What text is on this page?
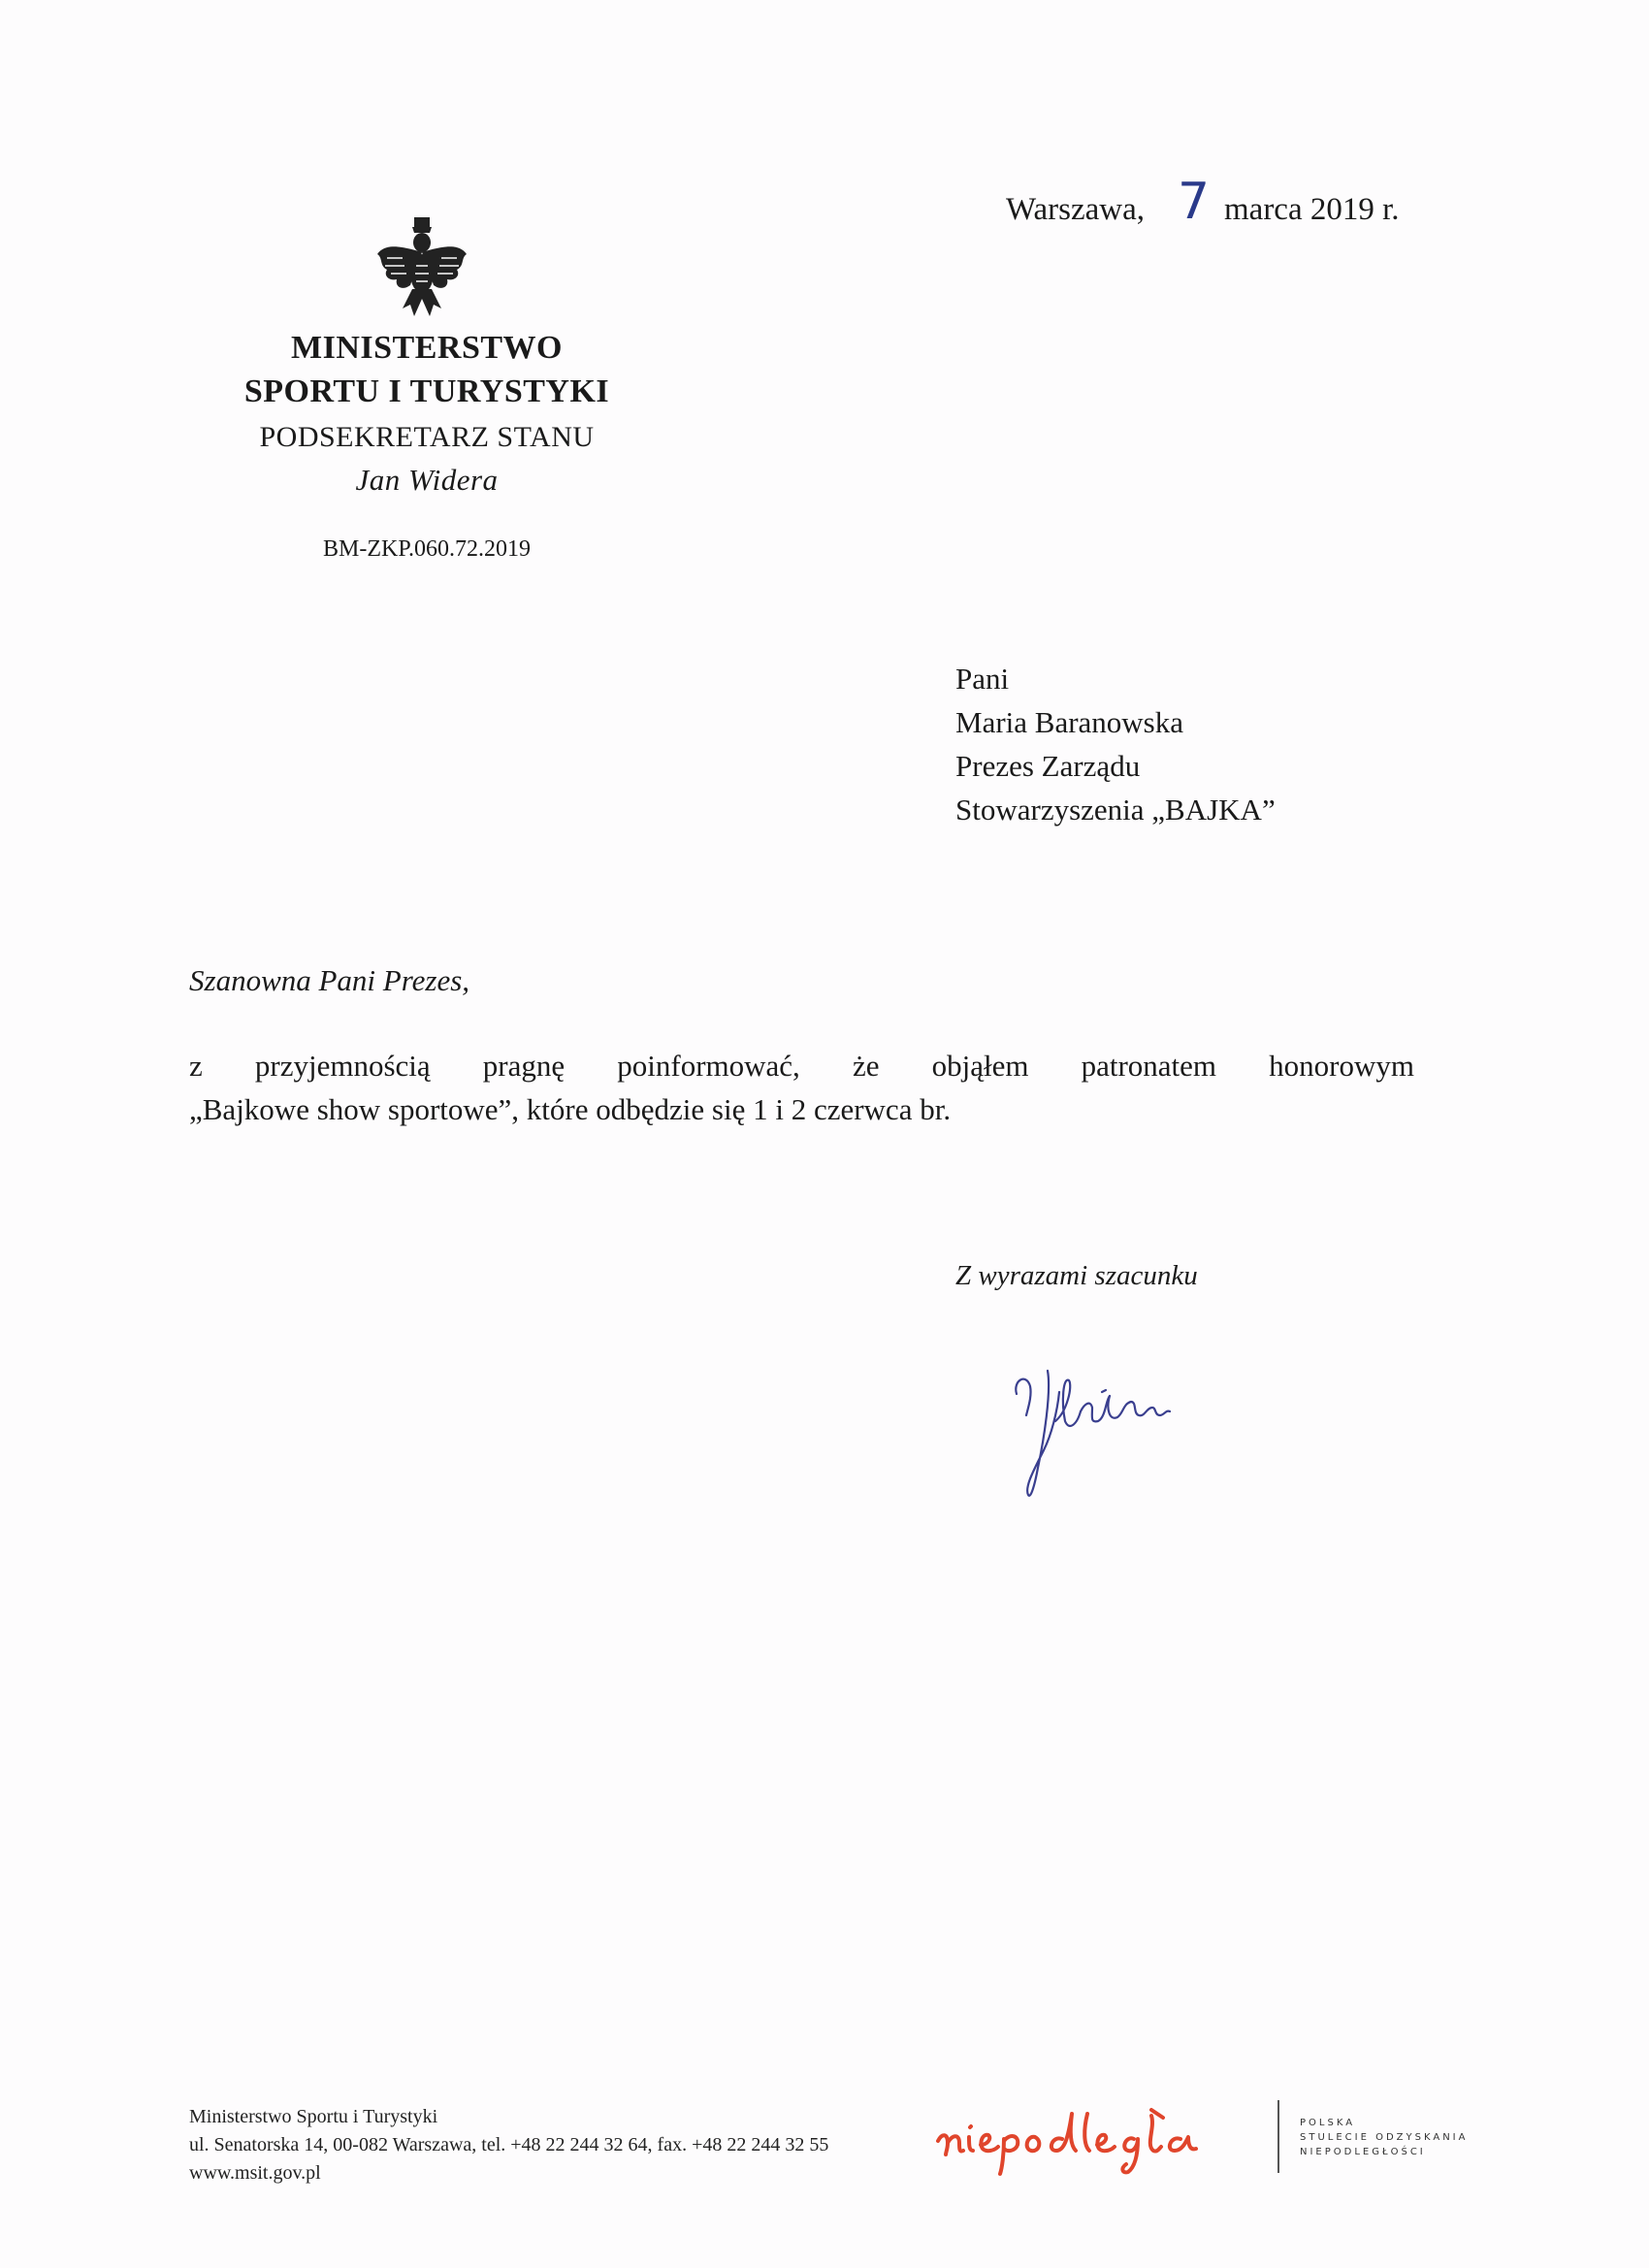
Warszawa, 7 marca 2019 r.
MINISTERSTWO
SPORTU I TURYSTYKI
PODSEKRETARZ STANU
Jan Widera
BM-ZKP.060.72.2019
Pani
Maria Baranowska
Prezes Zarządu
Stowarzyszenia „BAJKA”
Szanowna Pani Prezes,
z przyjemnością pragnę poinformować, że objąłem patronatem honorowym
„Bajkowe show sportowe”, które odbędzie się 1 i 2 czerwca br.
Z wyrazami szacunku
Ministerstwo Sportu i Turystyki
ul. Senatorska 14, 00-082 Warszawa, tel. +48 22 244 32 64, fax. +48 22 244 32 55
www.msit.gov.pl
POLSKA
STULECIE ODZYSKANIA
NIEPODLEGŁOŚCI
